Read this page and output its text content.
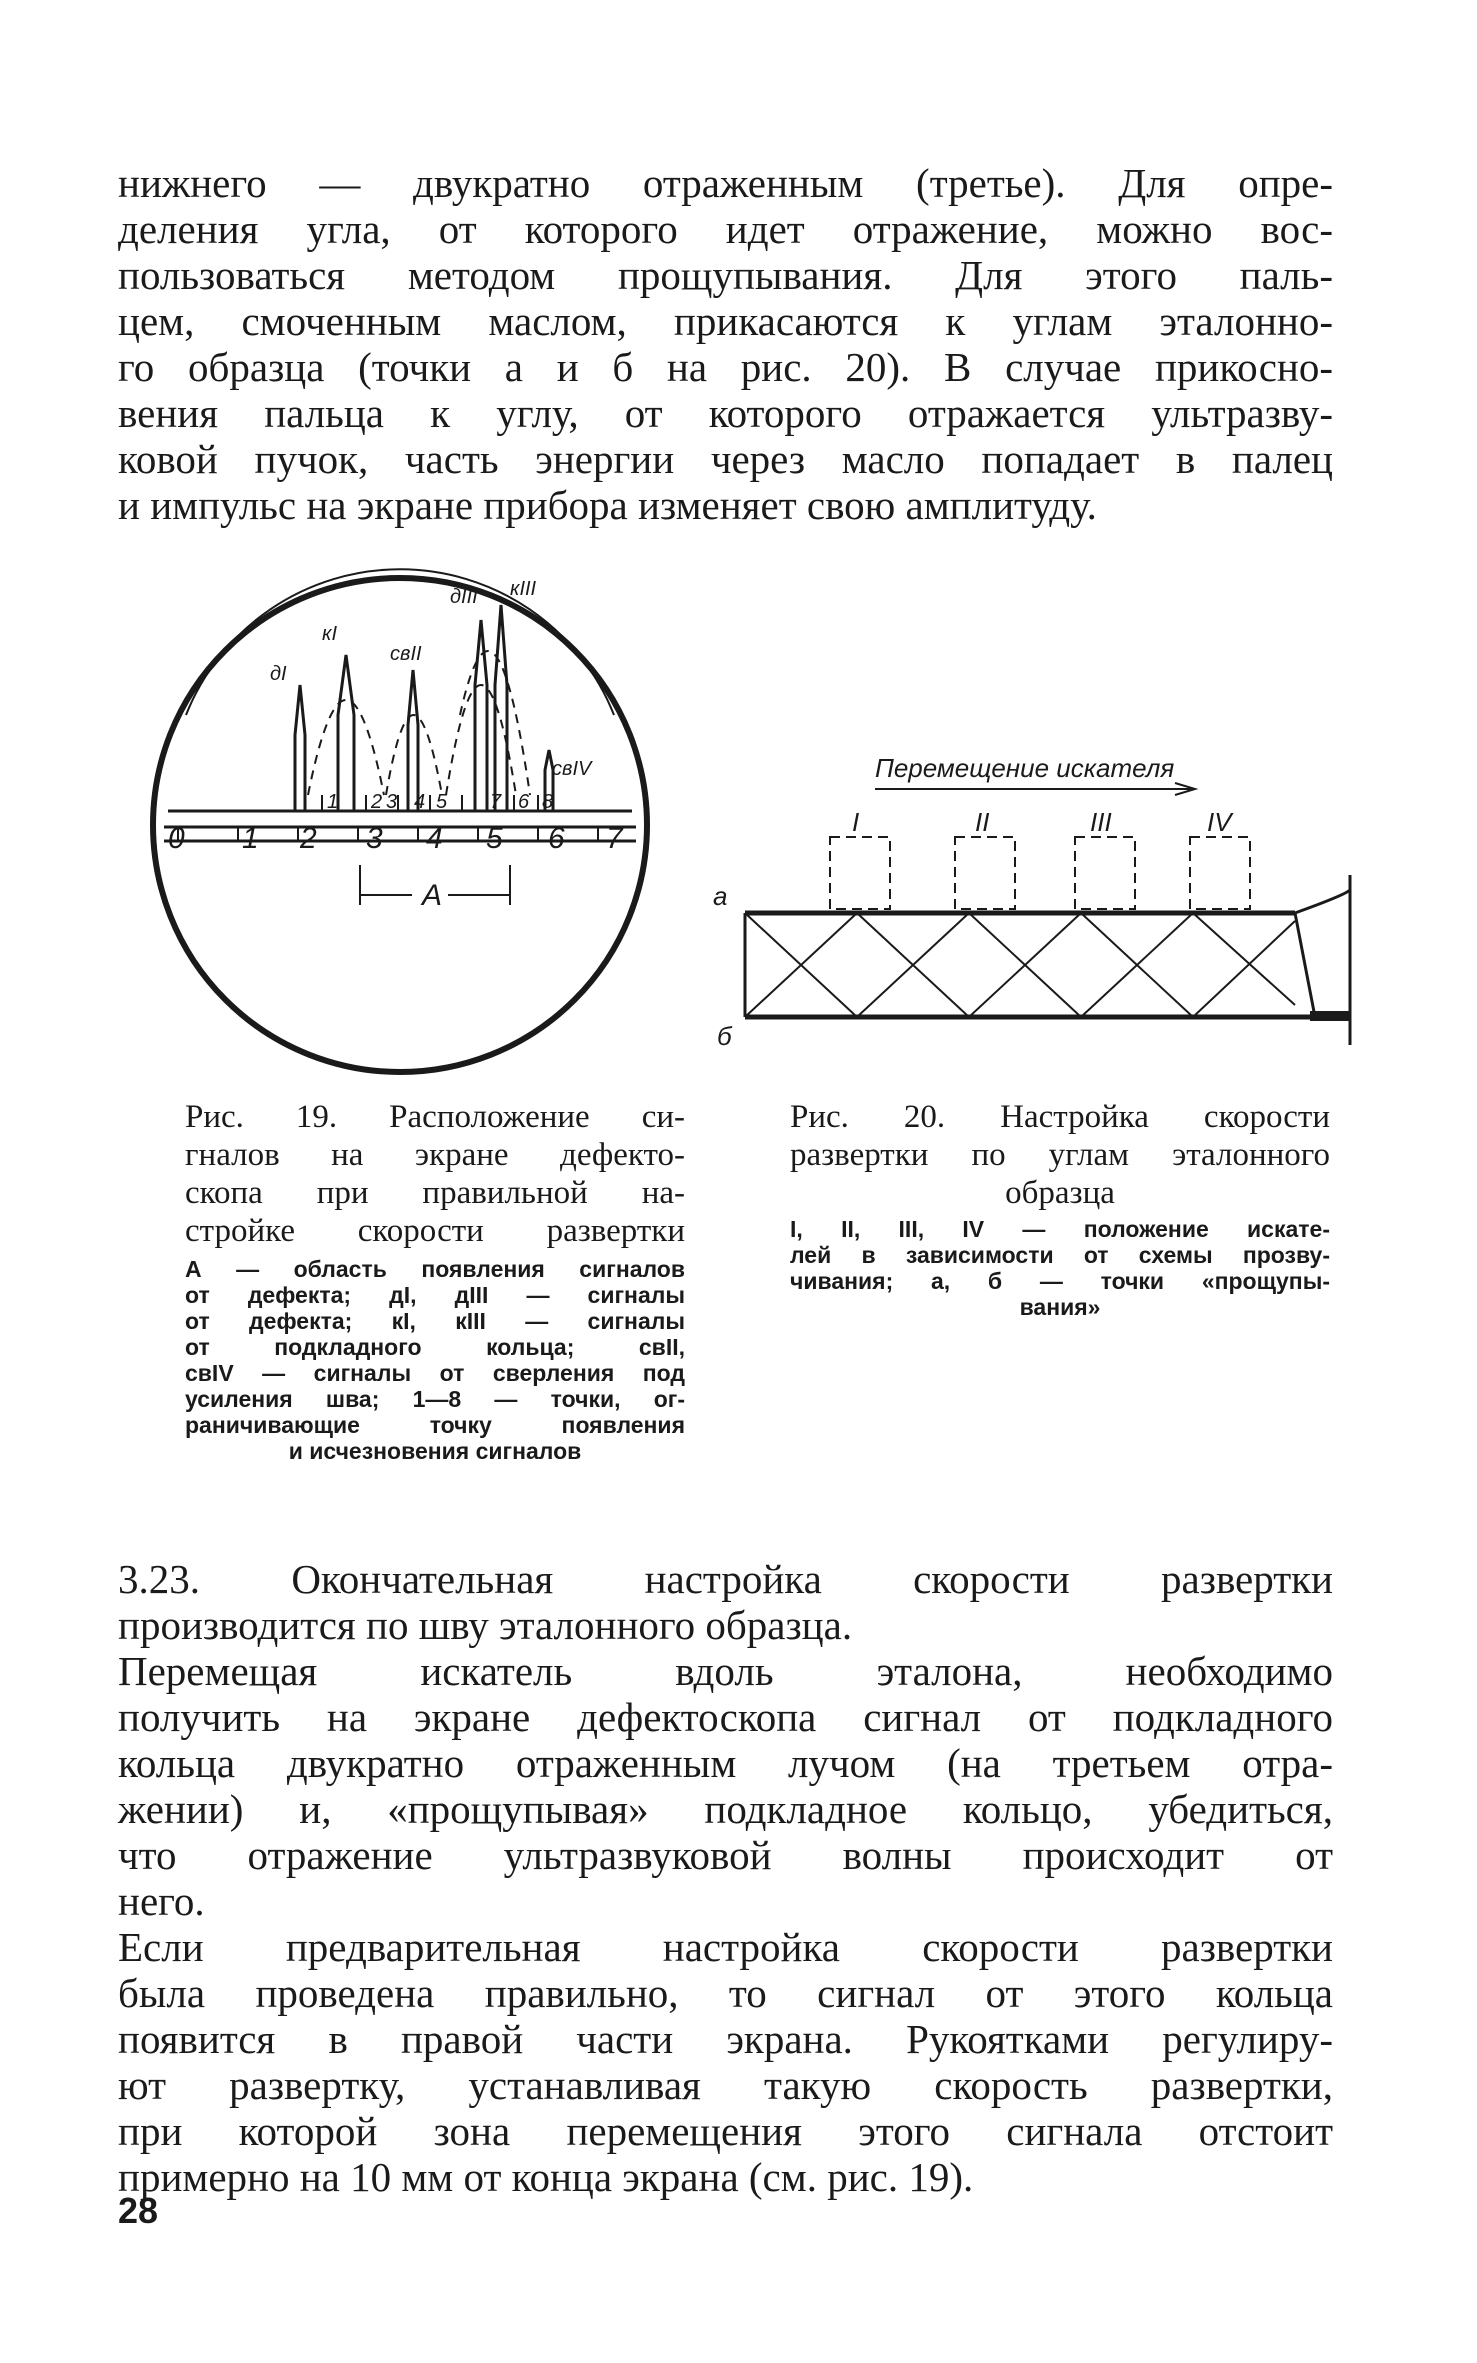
нижнего — двукратно отраженным (третье). Для опре-
деления угла, от которого идет отражение, можно вос-
пользоваться методом прощупывания. Для этого паль-
цем, смоченным маслом, прикасаются к углам эталонно-
го образца (точки а и б на рис. 20). В случае прикосно-
вения пальца к углу, от которого отражается ультразву-
ковой пучок, часть энергии через масло попадает в палец
и импульс на экране прибора изменяет свою амплитуду.
1 2 3 4 5 7 6 8
0 1 2 3 4 5 6 7
А
дI
кI
свII
дIII кIII
свIV	Перемещение искателя
I	II	III	IV
а
б
Рис. 19. Расположение си-
гналов на экране дефекто-
скопа при правильной на-
стройке скорости развертки
А — область появления сигналов
от дефекта; дI, дIII — сигналы
от дефекта; кI, кIII — сигналы
от подкладного кольца; свII,
свIV — сигналы от сверления под
усиления шва; 1—8 — точки, ог-
раничивающие точку появления
и исчезновения сигналов
Рис. 20. Настройка скорости
развертки по углам эталонного
образца
I, II, III, IV — положение искате-
лей в зависимости от схемы прозву-
чивания; а, б — точки «прощупы-
вания»
3.23. Окончательная настройка скорости развертки
производится по шву эталонного образца.
Перемещая искатель вдоль эталона, необходимо
получить на экране дефектоскопа сигнал от подкладного
кольца двукратно отраженным лучом (на третьем отра-
жении) и, «прощупывая» подкладное кольцо, убедиться,
что отражение ультразвуковой волны происходит от
него.
Если предварительная настройка скорости развертки
была проведена правильно, то сигнал от этого кольца
появится в правой части экрана. Рукоятками регулиру-
ют развертку, устанавливая такую скорость развертки,
при которой зона перемещения этого сигнала отстоит
примерно на 10 мм от конца экрана (см. рис. 19).
28
